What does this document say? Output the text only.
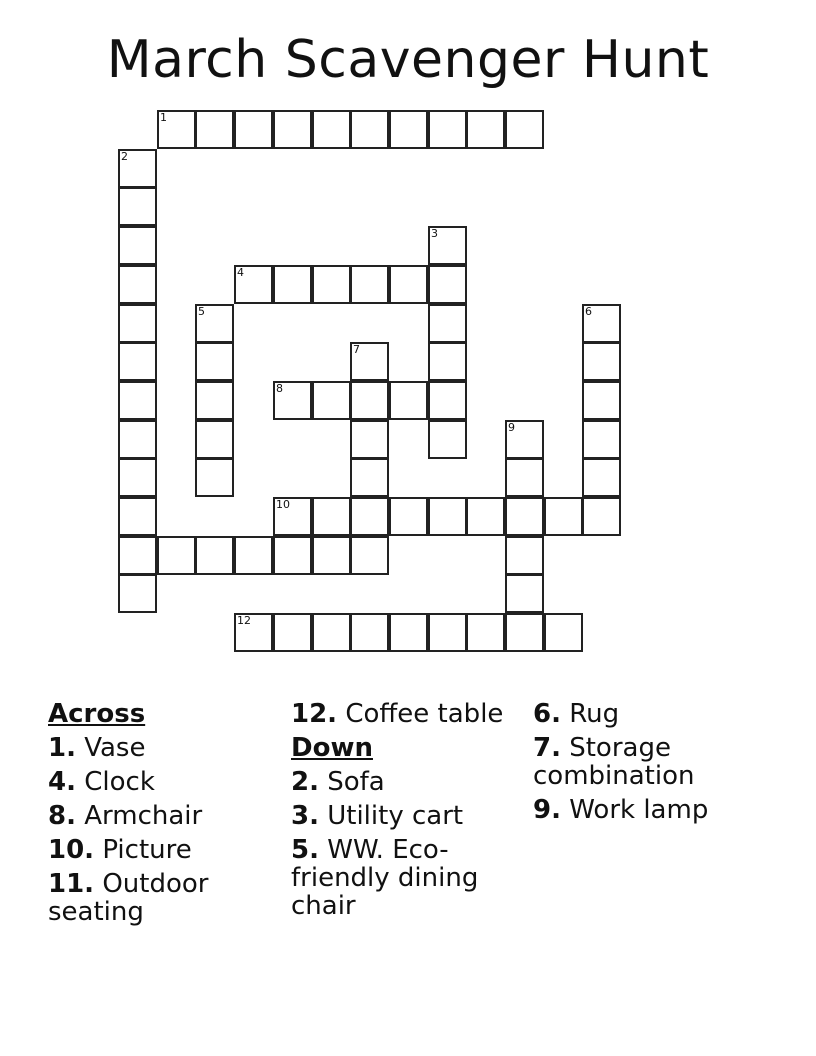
March Scavenger Hunt
1
2
3
4
5	6
7
8
9
10
12
Across
1. Vase
4. Clock
8. Armchair
10. Picture
11. Outdoor seating
12. Coffee table
Down
2. Sofa
3. Utility cart
5. WW. Eco-friendly dining chair
6. Rug
7. Storage combination
9. Work lamp
